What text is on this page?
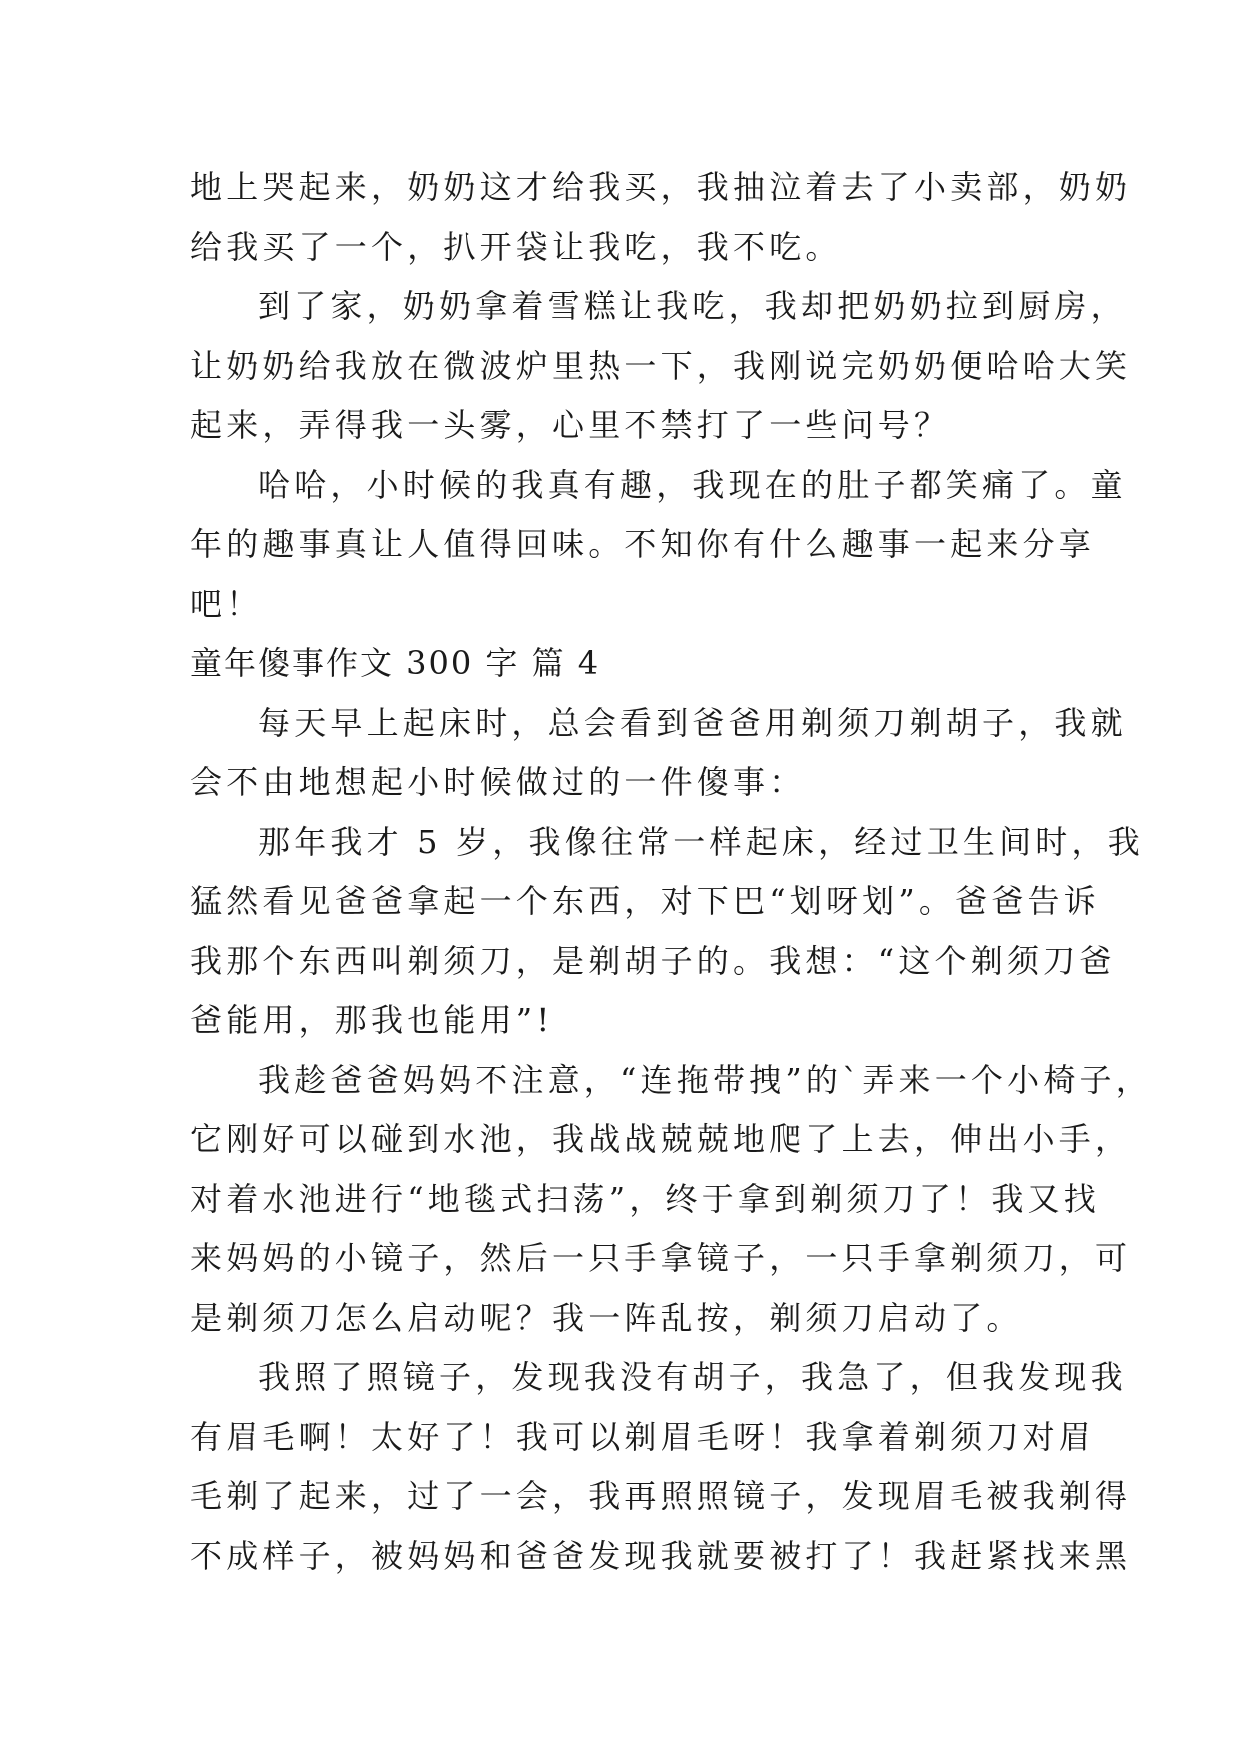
地上哭起来，奶奶这才给我买，我抽泣着去了小卖部，奶奶
给我买了一个，扒开袋让我吃，我不吃。
到了家，奶奶拿着雪糕让我吃，我却把奶奶拉到厨房，
让奶奶给我放在微波炉里热一下，我刚说完奶奶便哈哈大笑
起来，弄得我一头雾，心里不禁打了一些问号？
哈哈，小时候的我真有趣，我现在的肚子都笑痛了。童
年的趣事真让人值得回味。不知你有什么趣事一起来分享
吧！
童年傻事作文 300 字 篇 4
每天早上起床时，总会看到爸爸用剃须刀剃胡子，我就
会不由地想起小时候做过的一件傻事：
那年我才 5 岁，我像往常一样起床，经过卫生间时，我
猛然看见爸爸拿起一个东西，对下巴“划呀划”。爸爸告诉
我那个东西叫剃须刀，是剃胡子的。我想：“这个剃须刀爸
爸能用，那我也能用”!
我趁爸爸妈妈不注意，“连拖带拽”的`弄来一个小椅子，
它刚好可以碰到水池，我战战兢兢地爬了上去，伸出小手，
对着水池进行“地毯式扫荡”，终于拿到剃须刀了！我又找
来妈妈的小镜子，然后一只手拿镜子，一只手拿剃须刀，可
是剃须刀怎么启动呢？我一阵乱按，剃须刀启动了。
我照了照镜子，发现我没有胡子，我急了，但我发现我
有眉毛啊！太好了！我可以剃眉毛呀！我拿着剃须刀对眉
毛剃了起来，过了一会，我再照照镜子，发现眉毛被我剃得
不成样子，被妈妈和爸爸发现我就要被打了！我赶紧找来黑
